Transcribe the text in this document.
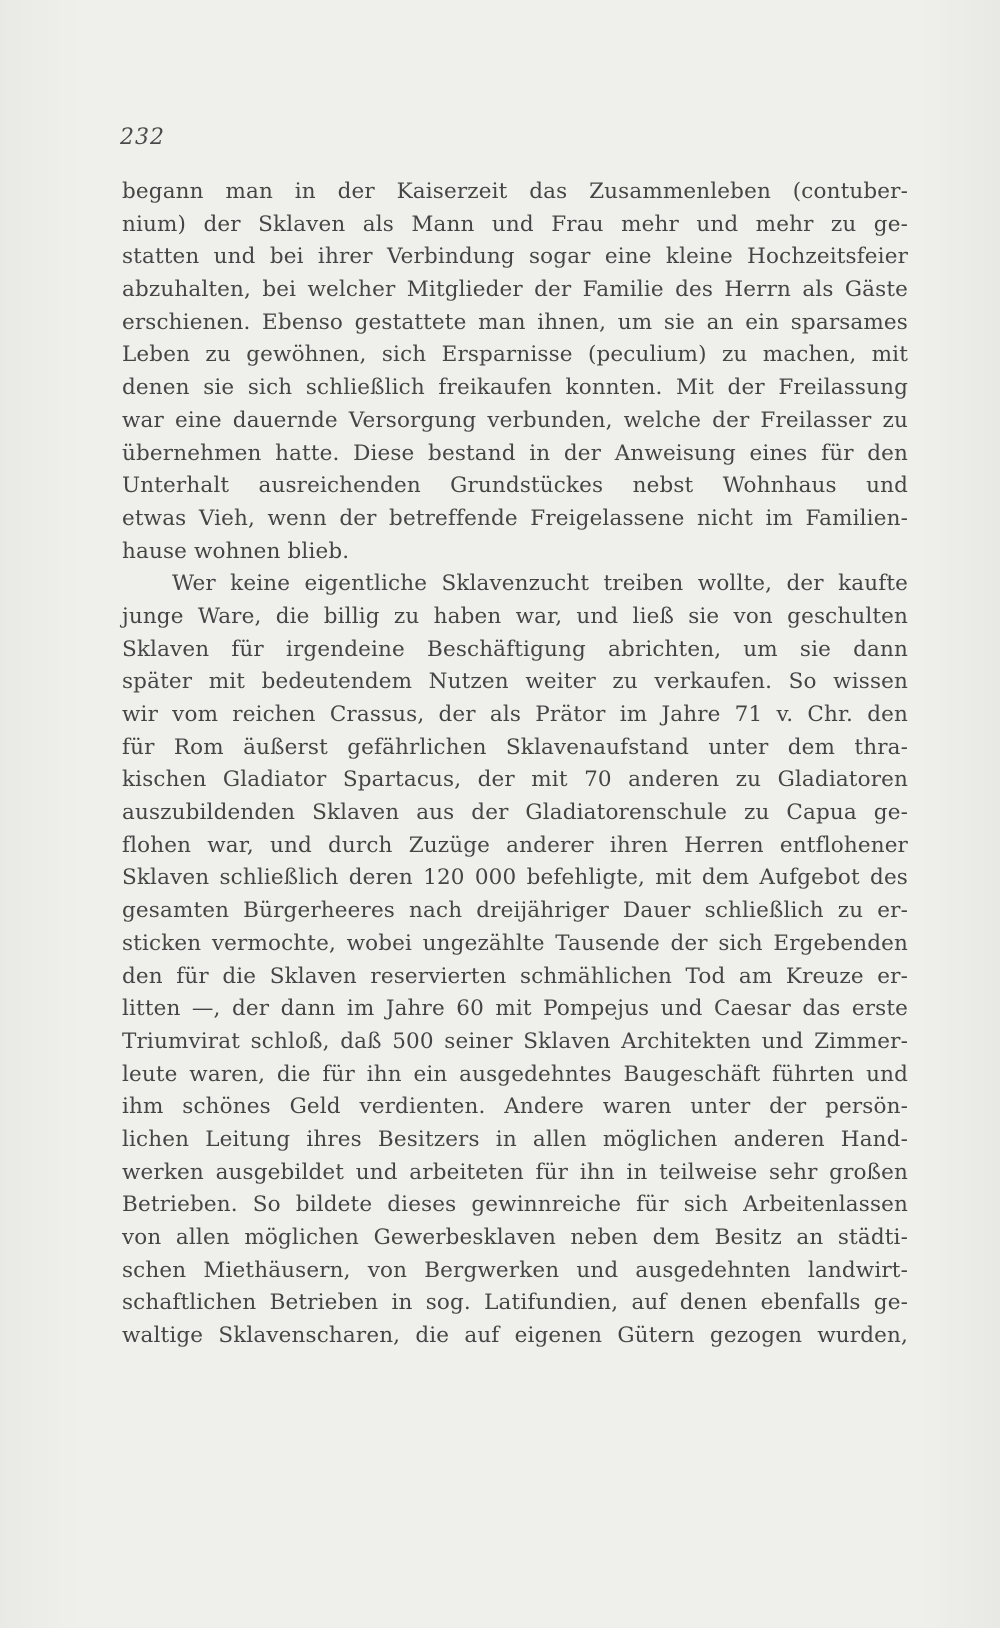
232
begann man in der Kaiserzeit das Zusammenleben (contuber-
nium) der Sklaven als Mann und Frau mehr und mehr zu ge-
statten und bei ihrer Verbindung sogar eine kleine Hochzeitsfeier
abzuhalten, bei welcher Mitglieder der Familie des Herrn als Gäste
erschienen. Ebenso gestattete man ihnen, um sie an ein sparsames
Leben zu gewöhnen, sich Ersparnisse (peculium) zu machen, mit
denen sie sich schließlich freikaufen konnten. Mit der Freilassung
war eine dauernde Versorgung verbunden, welche der Freilasser zu
übernehmen hatte. Diese bestand in der Anweisung eines für den
Unterhalt ausreichenden Grundstückes nebst Wohnhaus und
etwas Vieh, wenn der betreffende Freigelassene nicht im Familien-
hause wohnen blieb.
Wer keine eigentliche Sklavenzucht treiben wollte, der kaufte
junge Ware, die billig zu haben war, und ließ sie von geschulten
Sklaven für irgendeine Beschäftigung abrichten, um sie dann
später mit bedeutendem Nutzen weiter zu verkaufen. So wissen
wir vom reichen Crassus, der als Prätor im Jahre 71 v. Chr. den
für Rom äußerst gefährlichen Sklavenaufstand unter dem thra-
kischen Gladiator Spartacus, der mit 70 anderen zu Gladiatoren
auszubildenden Sklaven aus der Gladiatorenschule zu Capua ge-
flohen war, und durch Zuzüge anderer ihren Herren entflohener
Sklaven schließlich deren 120 000 befehligte, mit dem Aufgebot des
gesamten Bürgerheeres nach dreijähriger Dauer schließlich zu er-
sticken vermochte, wobei ungezählte Tausende der sich Ergebenden
den für die Sklaven reservierten schmählichen Tod am Kreuze er-
litten —, der dann im Jahre 60 mit Pompejus und Caesar das erste
Triumvirat schloß, daß 500 seiner Sklaven Architekten und Zimmer-
leute waren, die für ihn ein ausgedehntes Baugeschäft führten und
ihm schönes Geld verdienten. Andere waren unter der persön-
lichen Leitung ihres Besitzers in allen möglichen anderen Hand-
werken ausgebildet und arbeiteten für ihn in teilweise sehr großen
Betrieben. So bildete dieses gewinnreiche für sich Arbeitenlassen
von allen möglichen Gewerbesklaven neben dem Besitz an städti-
schen Miethäusern, von Bergwerken und ausgedehnten landwirt-
schaftlichen Betrieben in sog. Latifundien, auf denen ebenfalls ge-
waltige Sklavenscharen, die auf eigenen Gütern gezogen wurden,
